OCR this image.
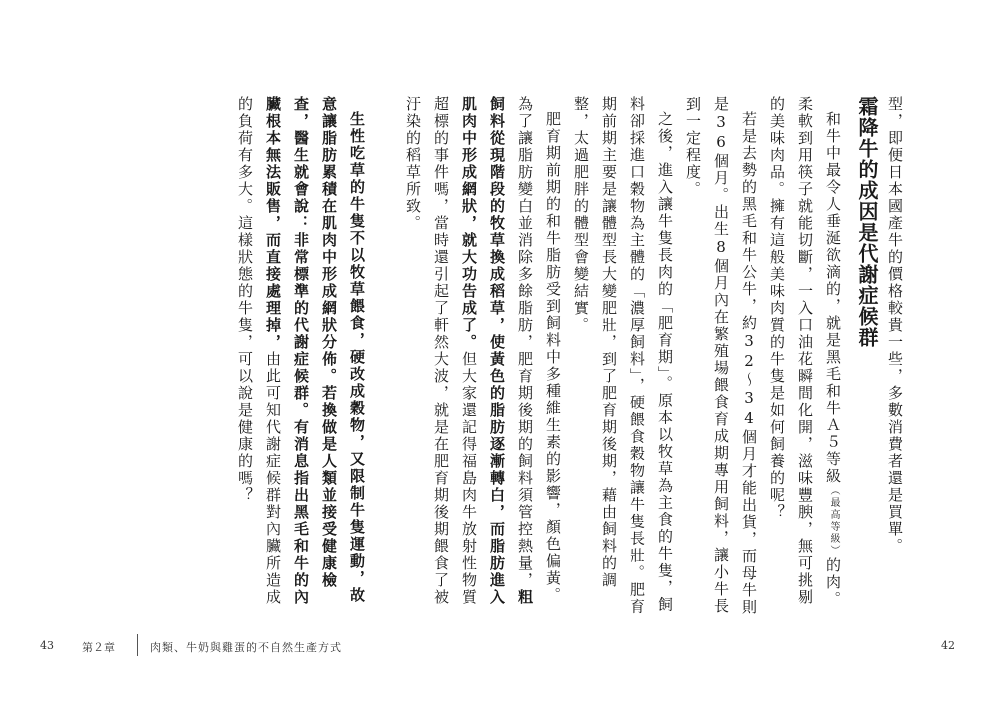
型，即便日本國產牛的價格較貴一些，多數消費者還是買單。

霜降牛的成因是代謝症候群

和牛中最令人垂涎欲滴的，就是黑毛和牛Ａ５等級（最高等級）的肉。柔軟到用筷子就能切斷，一入口油花瞬間化開，滋味豐腴，無可挑剔的美味肉品。擁有這般美味肉質的牛隻是如何飼養的呢？

若是去勢的黑毛和牛公牛，約32～34個月才能出貨，而母牛則是36個月。出生8個月內在繁殖場餵食育成期專用飼料，讓小牛長到一定程度。

之後，進入讓牛隻長肉的「肥育期」。原本以牧草為主食的牛隻，飼料卻採進口穀物為主體的「濃厚飼料」，硬餵食穀物讓牛隻長壯。肥育期前期主要是讓體型長大變肥壯，到了肥育期後期，藉由飼料的調整，太過肥胖的體型會變結實。

肥育期前期的和牛脂肪受到飼料中多種維生素的影響，顏色偏黃。為了讓脂肪變白並消除多餘脂肪，肥育期後期的飼料須管控熱量，粗飼料從現階段的牧草換成稻草，使黃色的脂肪逐漸轉白，而脂肪進入肌肉中形成網狀，就大功告成了。但大家還記得福島肉牛放射性物質超標的事件嗎，當時還引起了軒然大波，就是在肥育期後期餵食了被汙染的稻草所致。

生性吃草的牛隻不以牧草餵食，硬改成穀物，又限制牛隻運動，故意讓脂肪累積在肌肉中形成網狀分佈。若換做是人類並接受健康檢查，醫生就會說：非常標準的代謝症候群。有消息指出黑毛和牛的內臟根本無法販售，而直接處理掉，由此可知代謝症候群對內臟所造成的負荷有多大。這樣狀態的牛隻，可以說是健康的嗎？

43	第２章	肉類、牛奶與雞蛋的不自然生產方式	42
